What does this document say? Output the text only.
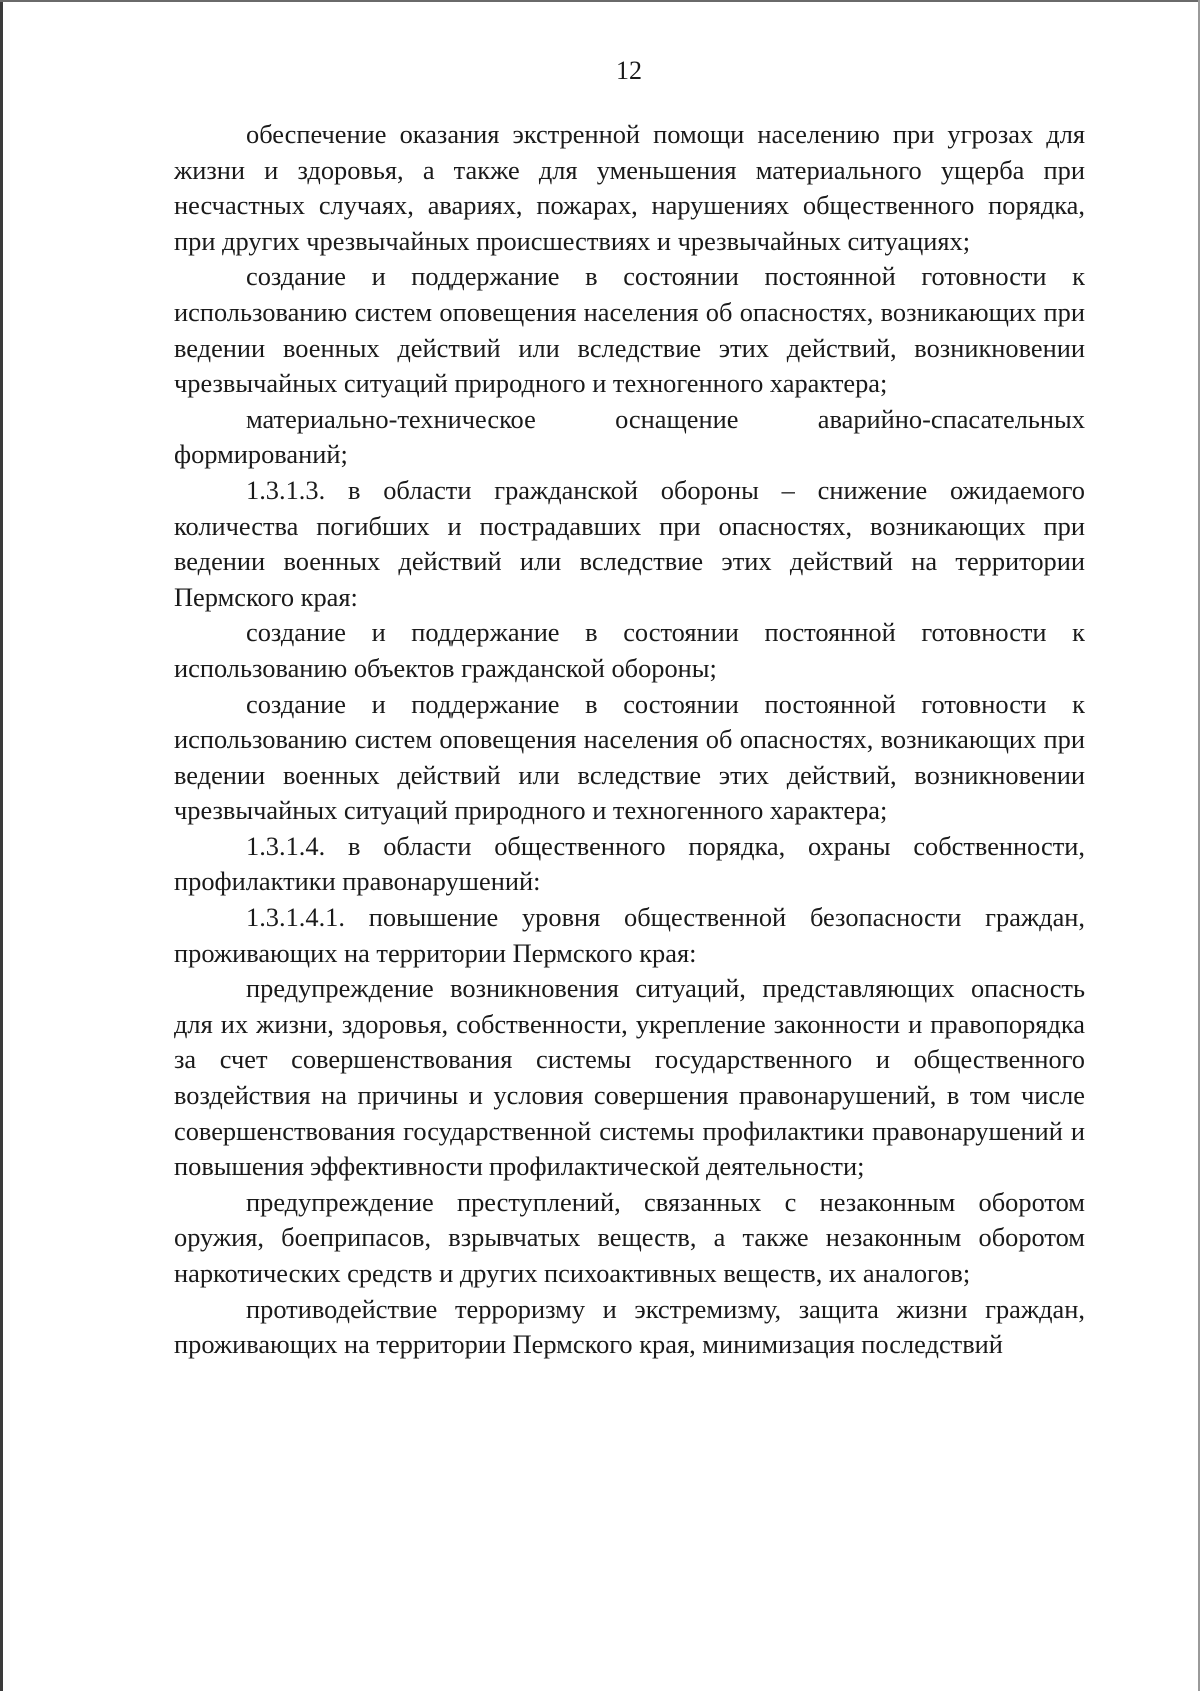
12

обеспечение оказания экстренной помощи населению при угрозах для жизни и здоровья, а также для уменьшения материального ущерба при несчастных случаях, авариях, пожарах, нарушениях общественного порядка, при других чрезвычайных происшествиях и чрезвычайных ситуациях;

создание и поддержание в состоянии постоянной готовности к использованию систем оповещения населения об опасностях, возникающих при ведении военных действий или вследствие этих действий, возникновении чрезвычайных ситуаций природного и техногенного характера;

материально-техническое оснащение аварийно-спасательных формирований;

1.3.1.3. в области гражданской обороны – снижение ожидаемого количества погибших и пострадавших при опасностях, возникающих при ведении военных действий или вследствие этих действий на территории Пермского края:

создание и поддержание в состоянии постоянной готовности к использованию объектов гражданской обороны;

создание и поддержание в состоянии постоянной готовности к использованию систем оповещения населения об опасностях, возникающих при ведении военных действий или вследствие этих действий, возникновении чрезвычайных ситуаций природного и техногенного характера;

1.3.1.4. в области общественного порядка, охраны собственности, профилактики правонарушений:

1.3.1.4.1. повышение уровня общественной безопасности граждан, проживающих на территории Пермского края:

предупреждение возникновения ситуаций, представляющих опасность для их жизни, здоровья, собственности, укрепление законности и правопорядка за счет совершенствования системы государственного и общественного воздействия на причины и условия совершения правонарушений, в том числе совершенствования государственной системы профилактики правонарушений и повышения эффективности профилактической деятельности;

предупреждение преступлений, связанных с незаконным оборотом оружия, боеприпасов, взрывчатых веществ, а также незаконным оборотом наркотических средств и других психоактивных веществ, их аналогов;

противодействие терроризму и экстремизму, защита жизни граждан, проживающих на территории Пермского края, минимизация последствий
